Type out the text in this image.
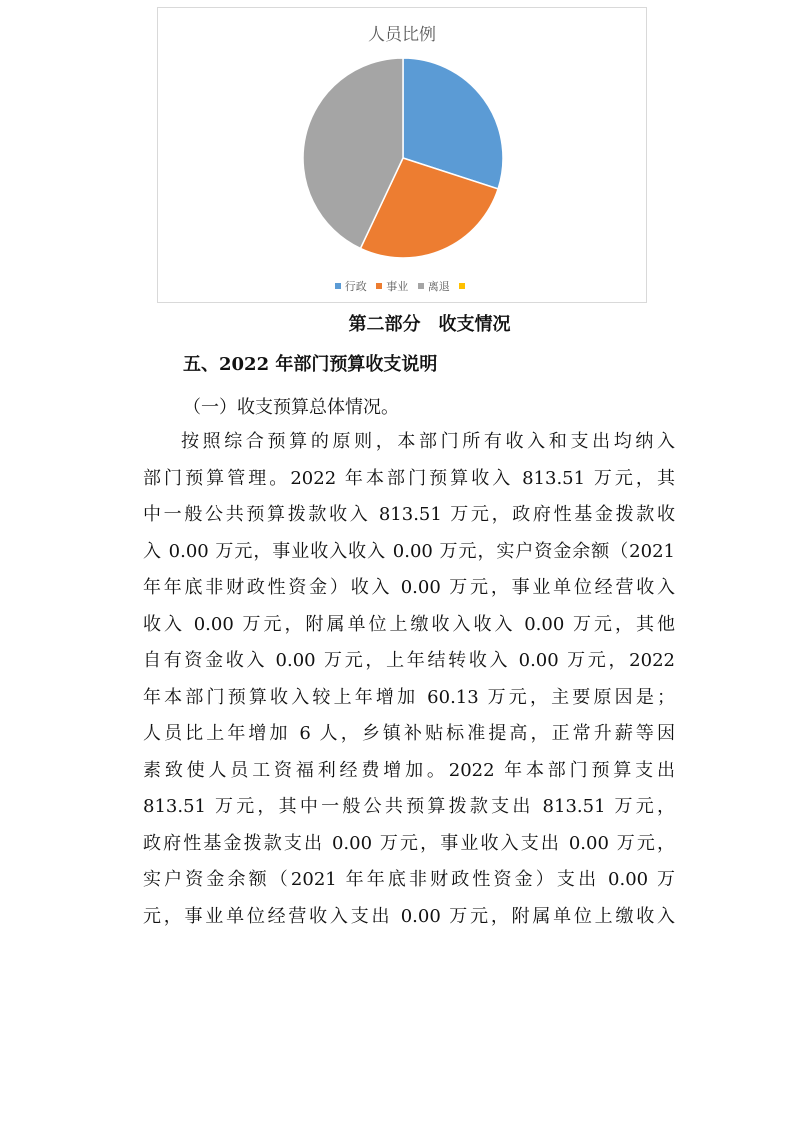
人员比例
行政 事业 离退
第二部分　收支情况
五、2022 年部门预算收支说明
（一）收支预算总体情况。
按照综合预算的原则，本部门所有收入和支出均纳入
部门预算管理。2022 年本部门预算收入 813.51 万元，其
中一般公共预算拨款收入 813.51 万元，政府性基金拨款收
入 0.00 万元，事业收入收入 0.00 万元，实户资金余额（2021
年年底非财政性资金）收入 0.00 万元，事业单位经营收入
收入 0.00 万元，附属单位上缴收入收入 0.00 万元，其他
自有资金收入 0.00 万元，上年结转收入 0.00 万元，2022
年本部门预算收入较上年增加 60.13 万元，主要原因是；
人员比上年增加 6 人，乡镇补贴标准提高，正常升薪等因
素致使人员工资福利经费增加。2022 年本部门预算支出
813.51 万元，其中一般公共预算拨款支出 813.51 万元，
政府性基金拨款支出 0.00 万元，事业收入支出 0.00 万元，
实户资金余额（2021 年年底非财政性资金）支出 0.00 万
元，事业单位经营收入支出 0.00 万元，附属单位上缴收入
